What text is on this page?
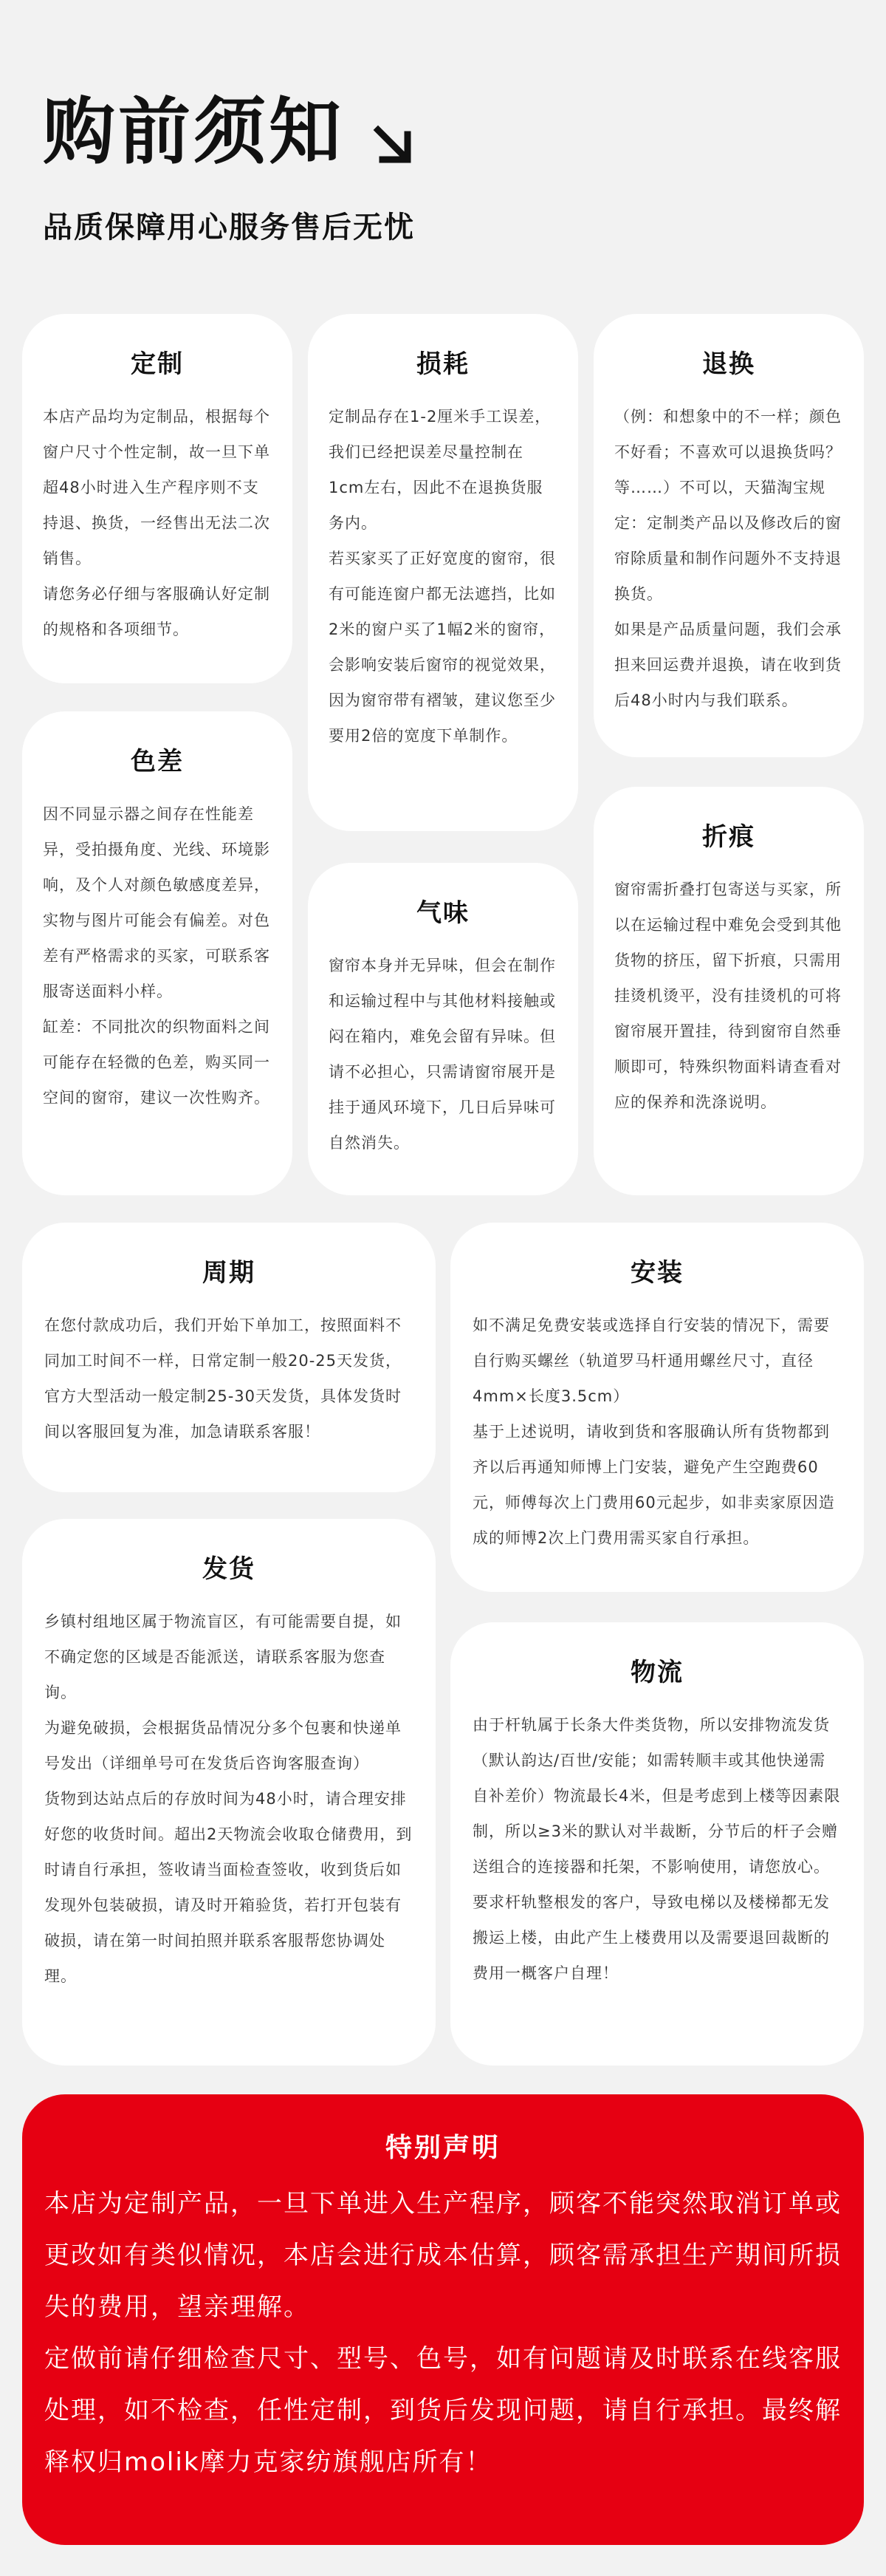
购前须知
品质保障用心服务售后无忧
定制

本店产品均为定制品，根据每个窗户尺寸个性定制，故一旦下单超48小时进入生产程序则不支持退、换货，一经售出无法二次销售。

请您务必仔细与客服确认好定制的规格和各项细节。

损耗

定制品存在1-2厘米手工误差，我们已经把误差尽量控制在1cm左右，因此不在退换货服务内。

若买家买了正好宽度的窗帘，很有可能连窗户都无法遮挡，比如2米的窗户买了1幅2米的窗帘，会影响安装后窗帘的视觉效果，因为窗帘带有褶皱，建议您至少要用2倍的宽度下单制作。

退换

（例：和想象中的不一样；颜色不好看；不喜欢可以退换货吗？等……）不可以，天猫淘宝规定：定制类产品以及修改后的窗帘除质量和制作问题外不支持退换货。

如果是产品质量问题，我们会承担来回运费并退换，请在收到货后48小时内与我们联系。

色差

因不同显示器之间存在性能差异，受拍摄角度、光线、环境影响，及个人对颜色敏感度差异，实物与图片可能会有偏差。对色差有严格需求的买家，可联系客服寄送面料小样。

缸差：不同批次的织物面料之间可能存在轻微的色差，购买同一空间的窗帘，建议一次性购齐。

气味

窗帘本身并无异味，但会在制作和运输过程中与其他材料接触或闷在箱内，难免会留有异味。但请不必担心，只需请窗帘展开是挂于通风环境下，几日后异味可自然消失。

折痕

窗帘需折叠打包寄送与买家，所以在运输过程中难免会受到其他货物的挤压，留下折痕，只需用挂烫机烫平，没有挂烫机的可将窗帘展开置挂，待到窗帘自然垂顺即可，特殊织物面料请查看对应的保养和洗涤说明。

周期

在您付款成功后，我们开始下单加工，按照面料不同加工时间不一样，日常定制一般20-25天发货，官方大型活动一般定制25-30天发货，具体发货时间以客服回复为准，加急请联系客服！

安装

如不满足免费安装或选择自行安装的情况下，需要自行购买螺丝（轨道罗马杆通用螺丝尺寸，直径4mm×长度3.5cm）

基于上述说明，请收到货和客服确认所有货物都到齐以后再通知师博上门安装，避免产生空跑费60元，师傅每次上门费用60元起步，如非卖家原因造成的师博2次上门费用需买家自行承担。

发货

乡镇村组地区属于物流盲区，有可能需要自提，如不确定您的区域是否能派送，请联系客服为您查询。

为避免破损，会根据货品情况分多个包裹和快递单号发出（详细单号可在发货后咨询客服查询）

货物到达站点后的存放时间为48小时，请合理安排好您的收货时间。超出2天物流会收取仓储费用，到时请自行承担，签收请当面检查签收，收到货后如发现外包装破损，请及时开箱验货，若打开包装有破损，请在第一时间拍照并联系客服帮您协调处理。

物流

由于杆轨属于长条大件类货物，所以安排物流发货（默认韵达/百世/安能；如需转顺丰或其他快递需自补差价）物流最长4米，但是考虑到上楼等因素限制，所以≥3米的默认对半裁断，分节后的杆子会赠送组合的连接器和托架，不影响使用，请您放心。

要求杆轨整根发的客户，导致电梯以及楼梯都无发搬运上楼，由此产生上楼费用以及需要退回裁断的费用一概客户自理！

特别声明

本店为定制产品，一旦下单进入生产程序，顾客不能突然取消订单或更改如有类似情况，本店会进行成本估算，顾客需承担生产期间所损失的费用，望亲理解。

定做前请仔细检查尺寸、型号、色号，如有问题请及时联系在线客服处理，如不检查，任性定制，到货后发现问题，请自行承担。最终解释权归molik摩力克家纺旗舰店所有！
